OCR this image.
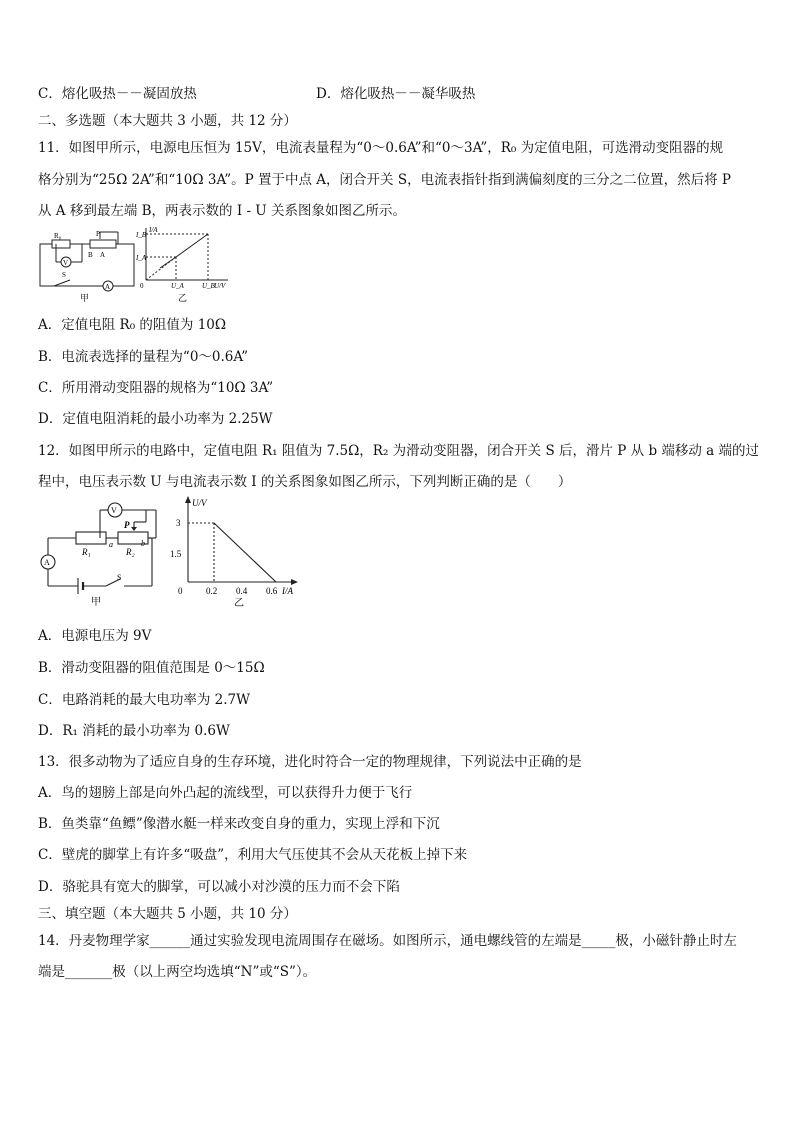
C．熔化吸热－－凝固放热	D．熔化吸热－－凝华吸热
二、多选题（本大题共 3 小题，共 12 分）
11．如图甲所示，电源电压恒为 15V，电流表量程为“0～0.6A”和“0～3A”，R₀ 为定值电阻，可选滑动变阻器的规
格分别为“25Ω 2A”和“10Ω 3A”。P 置于中点 A，闭合开关 S，电流表指针指到满偏刻度的三分之二位置，然后将 P
从 A 移到最左端 B，两表示数的 I - U 关系图象如图乙所示。
R₀	P
B A
V
A
S
甲
I/A
I_B
I_A
0	U_A	U_B U/V
乙
A．定值电阻 R₀ 的阻值为 10Ω
B．电流表选择的量程为“0～0.6A”
C．所用滑动变阻器的规格为“10Ω 3A”
D．定值电阻消耗的最小功率为 2.25W
12．如图甲所示的电路中，定值电阻 R₁ 阻值为 7.5Ω，R₂ 为滑动变阻器，闭合开关 S 后，滑片 P 从 b 端移动 a 端的过
程中，电压表示数 U 与电流表示数 I 的关系图象如图乙所示，下列判断正确的是（　　）
V
P
R₁
a
R₂
b
A
S
甲
U/V
3
1.5
0	0.2 0.4 0.6 I/A
乙
A．电源电压为 9V
B．滑动变阻器的阻值范围是 0～15Ω
C．电路消耗的最大电功率为 2.7W
D．R₁ 消耗的最小功率为 0.6W
13．很多动物为了适应自身的生存环境，进化时符合一定的物理规律，下列说法中正确的是
A．鸟的翅膀上部是向外凸起的流线型，可以获得升力便于飞行
B．鱼类靠“鱼鳔”像潜水艇一样来改变自身的重力，实现上浮和下沉
C．壁虎的脚掌上有许多“吸盘”，利用大气压使其不会从天花板上掉下来
D．骆驼具有宽大的脚掌，可以减小对沙漠的压力而不会下陷
三、填空题（本大题共 5 小题，共 10 分）
14．丹麦物理学家______通过实验发现电流周围存在磁场。如图所示，通电螺线管的左端是_____极，小磁针静止时左
端是_______极（以上两空均选填“N”或“S”）。
